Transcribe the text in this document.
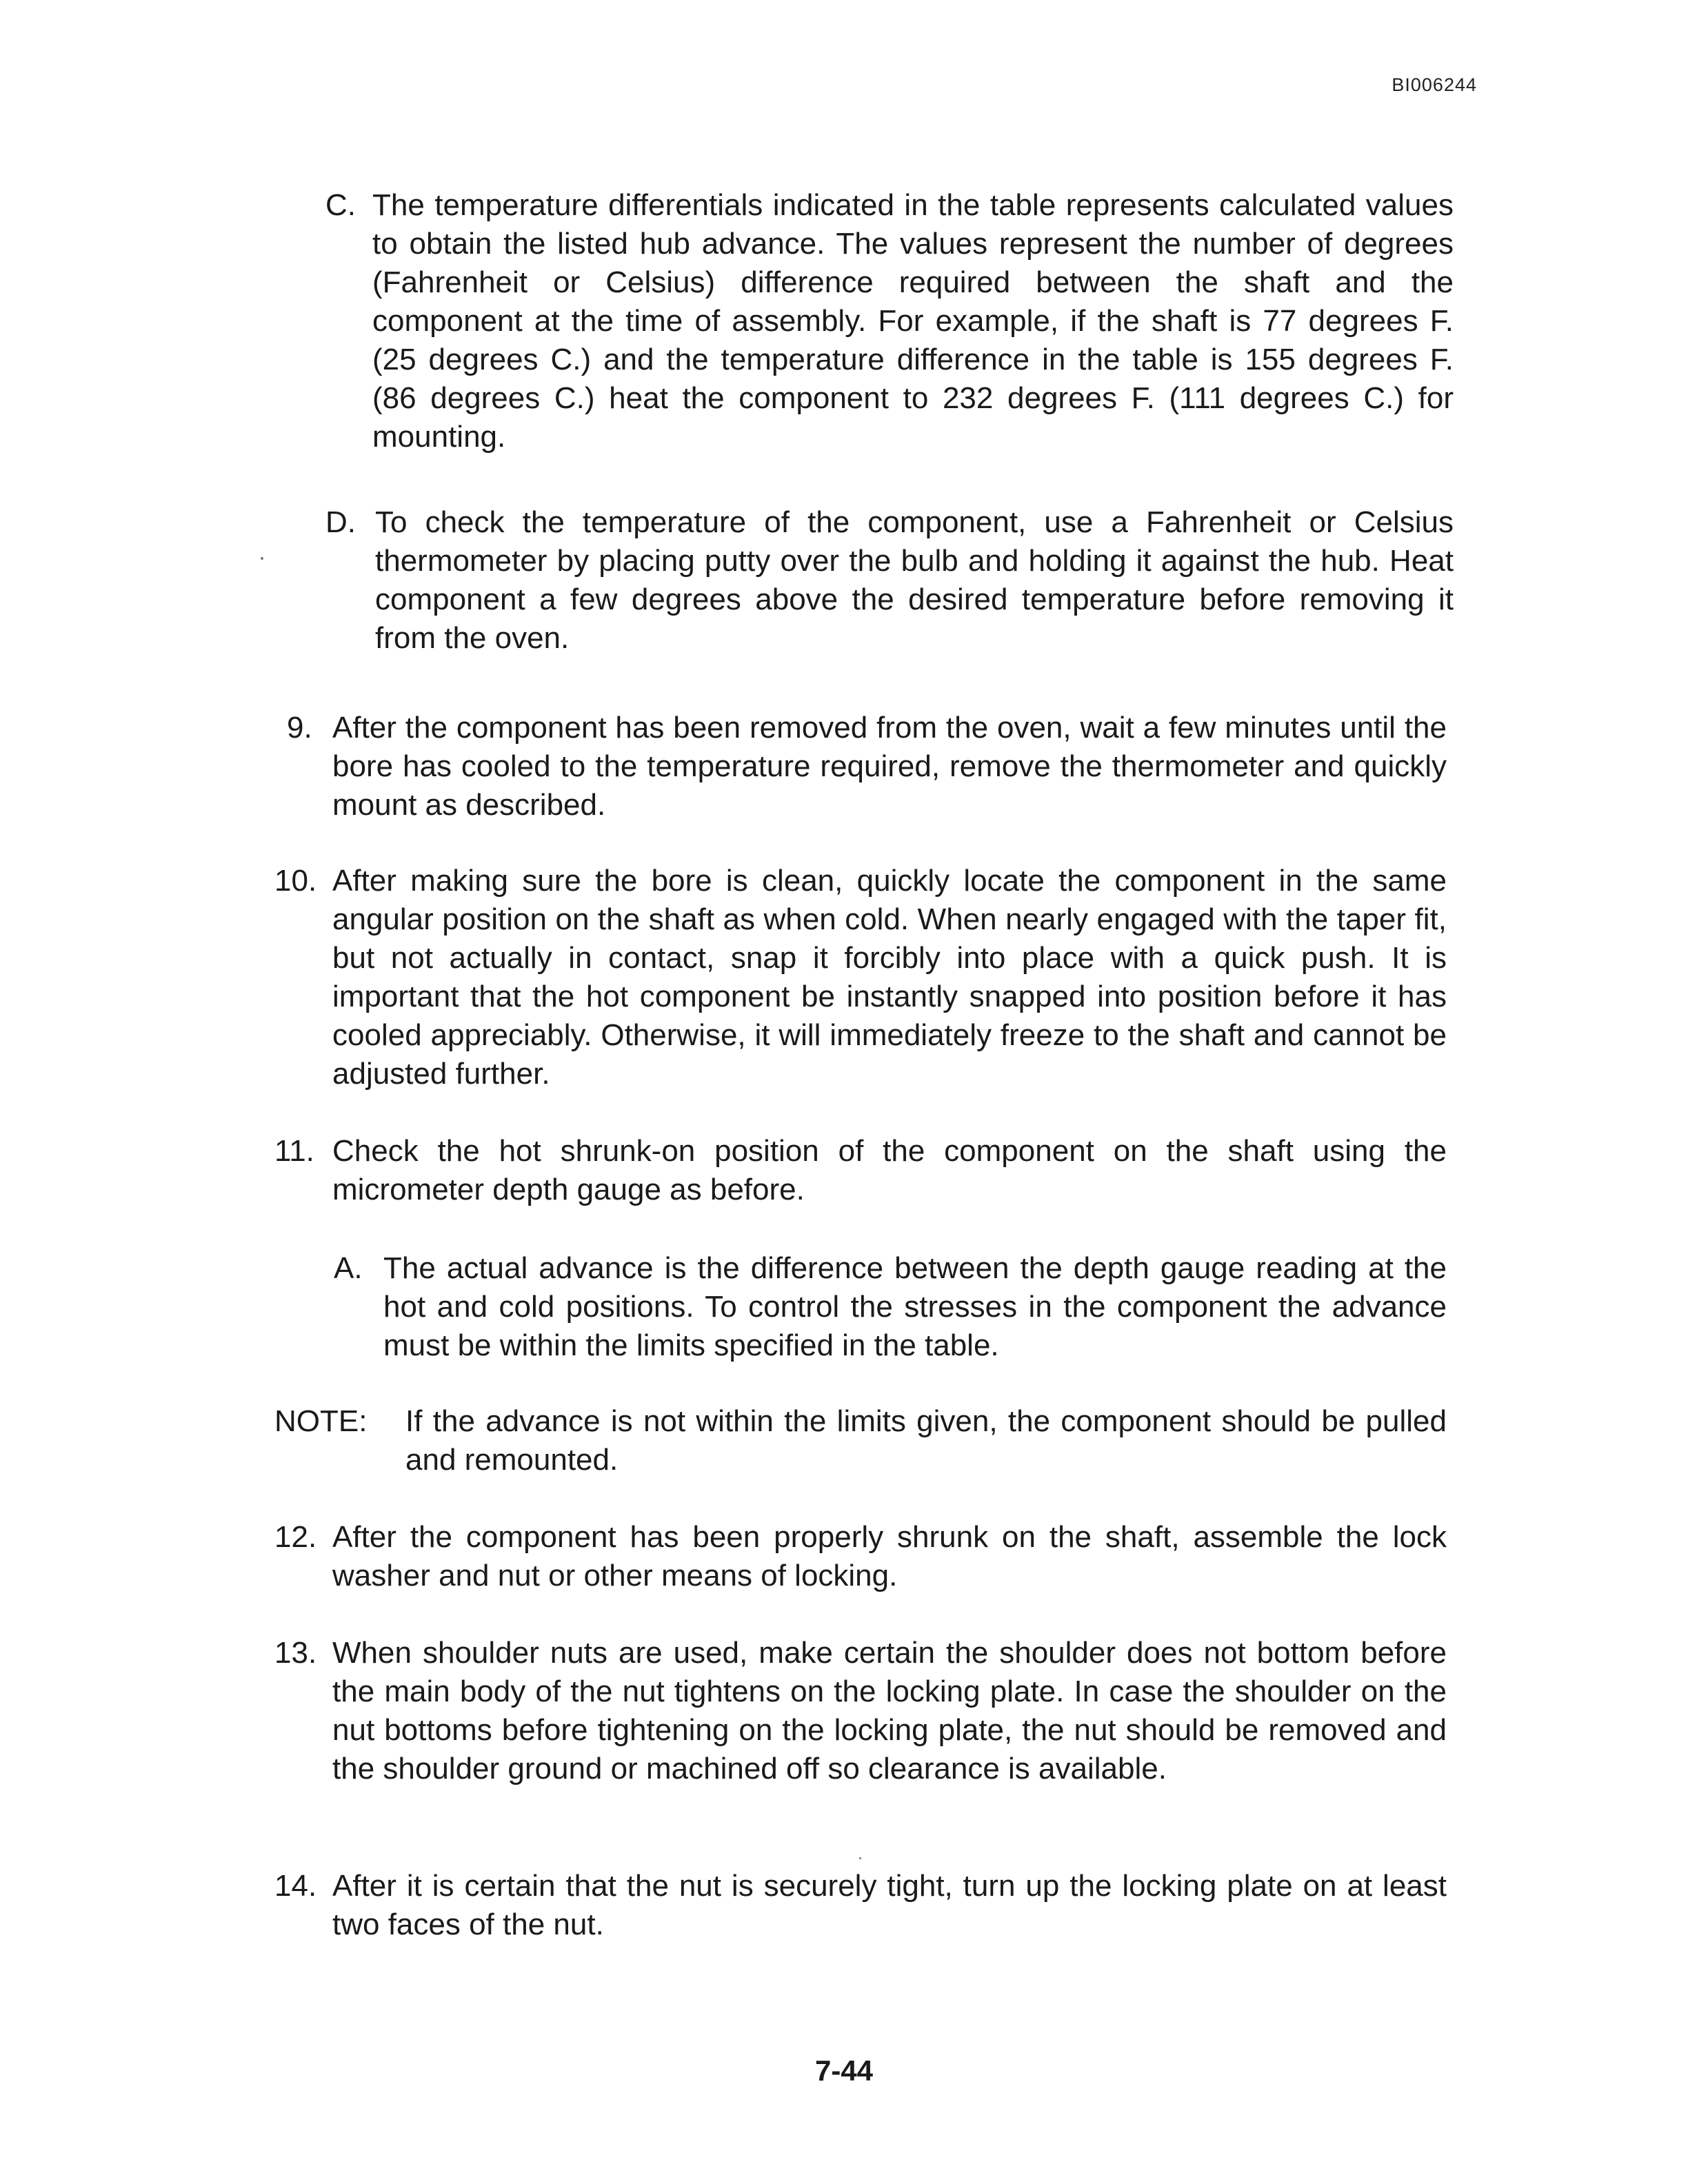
BI006244
C. The temperature differentials indicated in the table represents calculated values to obtain the listed hub advance. The values represent the number of degrees (Fahrenheit or Celsius) difference required between the shaft and the component at the time of assembly. For example, if the shaft is 77 degrees F. (25 degrees C.) and the temperature difference in the table is 155 degrees F. (86 degrees C.) heat the component to 232 degrees F. (111 degrees C.) for mounting.
D. To check the temperature of the component, use a Fahrenheit or Celsius thermometer by placing putty over the bulb and holding it against the hub. Heat component a few degrees above the desired temperature before removing it from the oven.
9. After the component has been removed from the oven, wait a few minutes until the bore has cooled to the temperature required, remove the thermometer and quickly mount as described.
10. After making sure the bore is clean, quickly locate the component in the same angular position on the shaft as when cold. When nearly engaged with the taper fit, but not actually in contact, snap it forcibly into place with a quick push. It is important that the hot component be instantly snapped into position before it has cooled appreciably. Otherwise, it will immediately freeze to the shaft and cannot be adjusted further.
11. Check the hot shrunk-on position of the component on the shaft using the micrometer depth gauge as before.
A. The actual advance is the difference between the depth gauge reading at the hot and cold positions. To control the stresses in the component the advance must be within the limits specified in the table.
NOTE: If the advance is not within the limits given, the component should be pulled and remounted.
12. After the component has been properly shrunk on the shaft, assemble the lock washer and nut or other means of locking.
13. When shoulder nuts are used, make certain the shoulder does not bottom before the main body of the nut tightens on the locking plate. In case the shoulder on the nut bottoms before tightening on the locking plate, the nut should be removed and the shoulder ground or machined off so clearance is available.
14. After it is certain that the nut is securely tight, turn up the locking plate on at least two faces of the nut.
7-44
